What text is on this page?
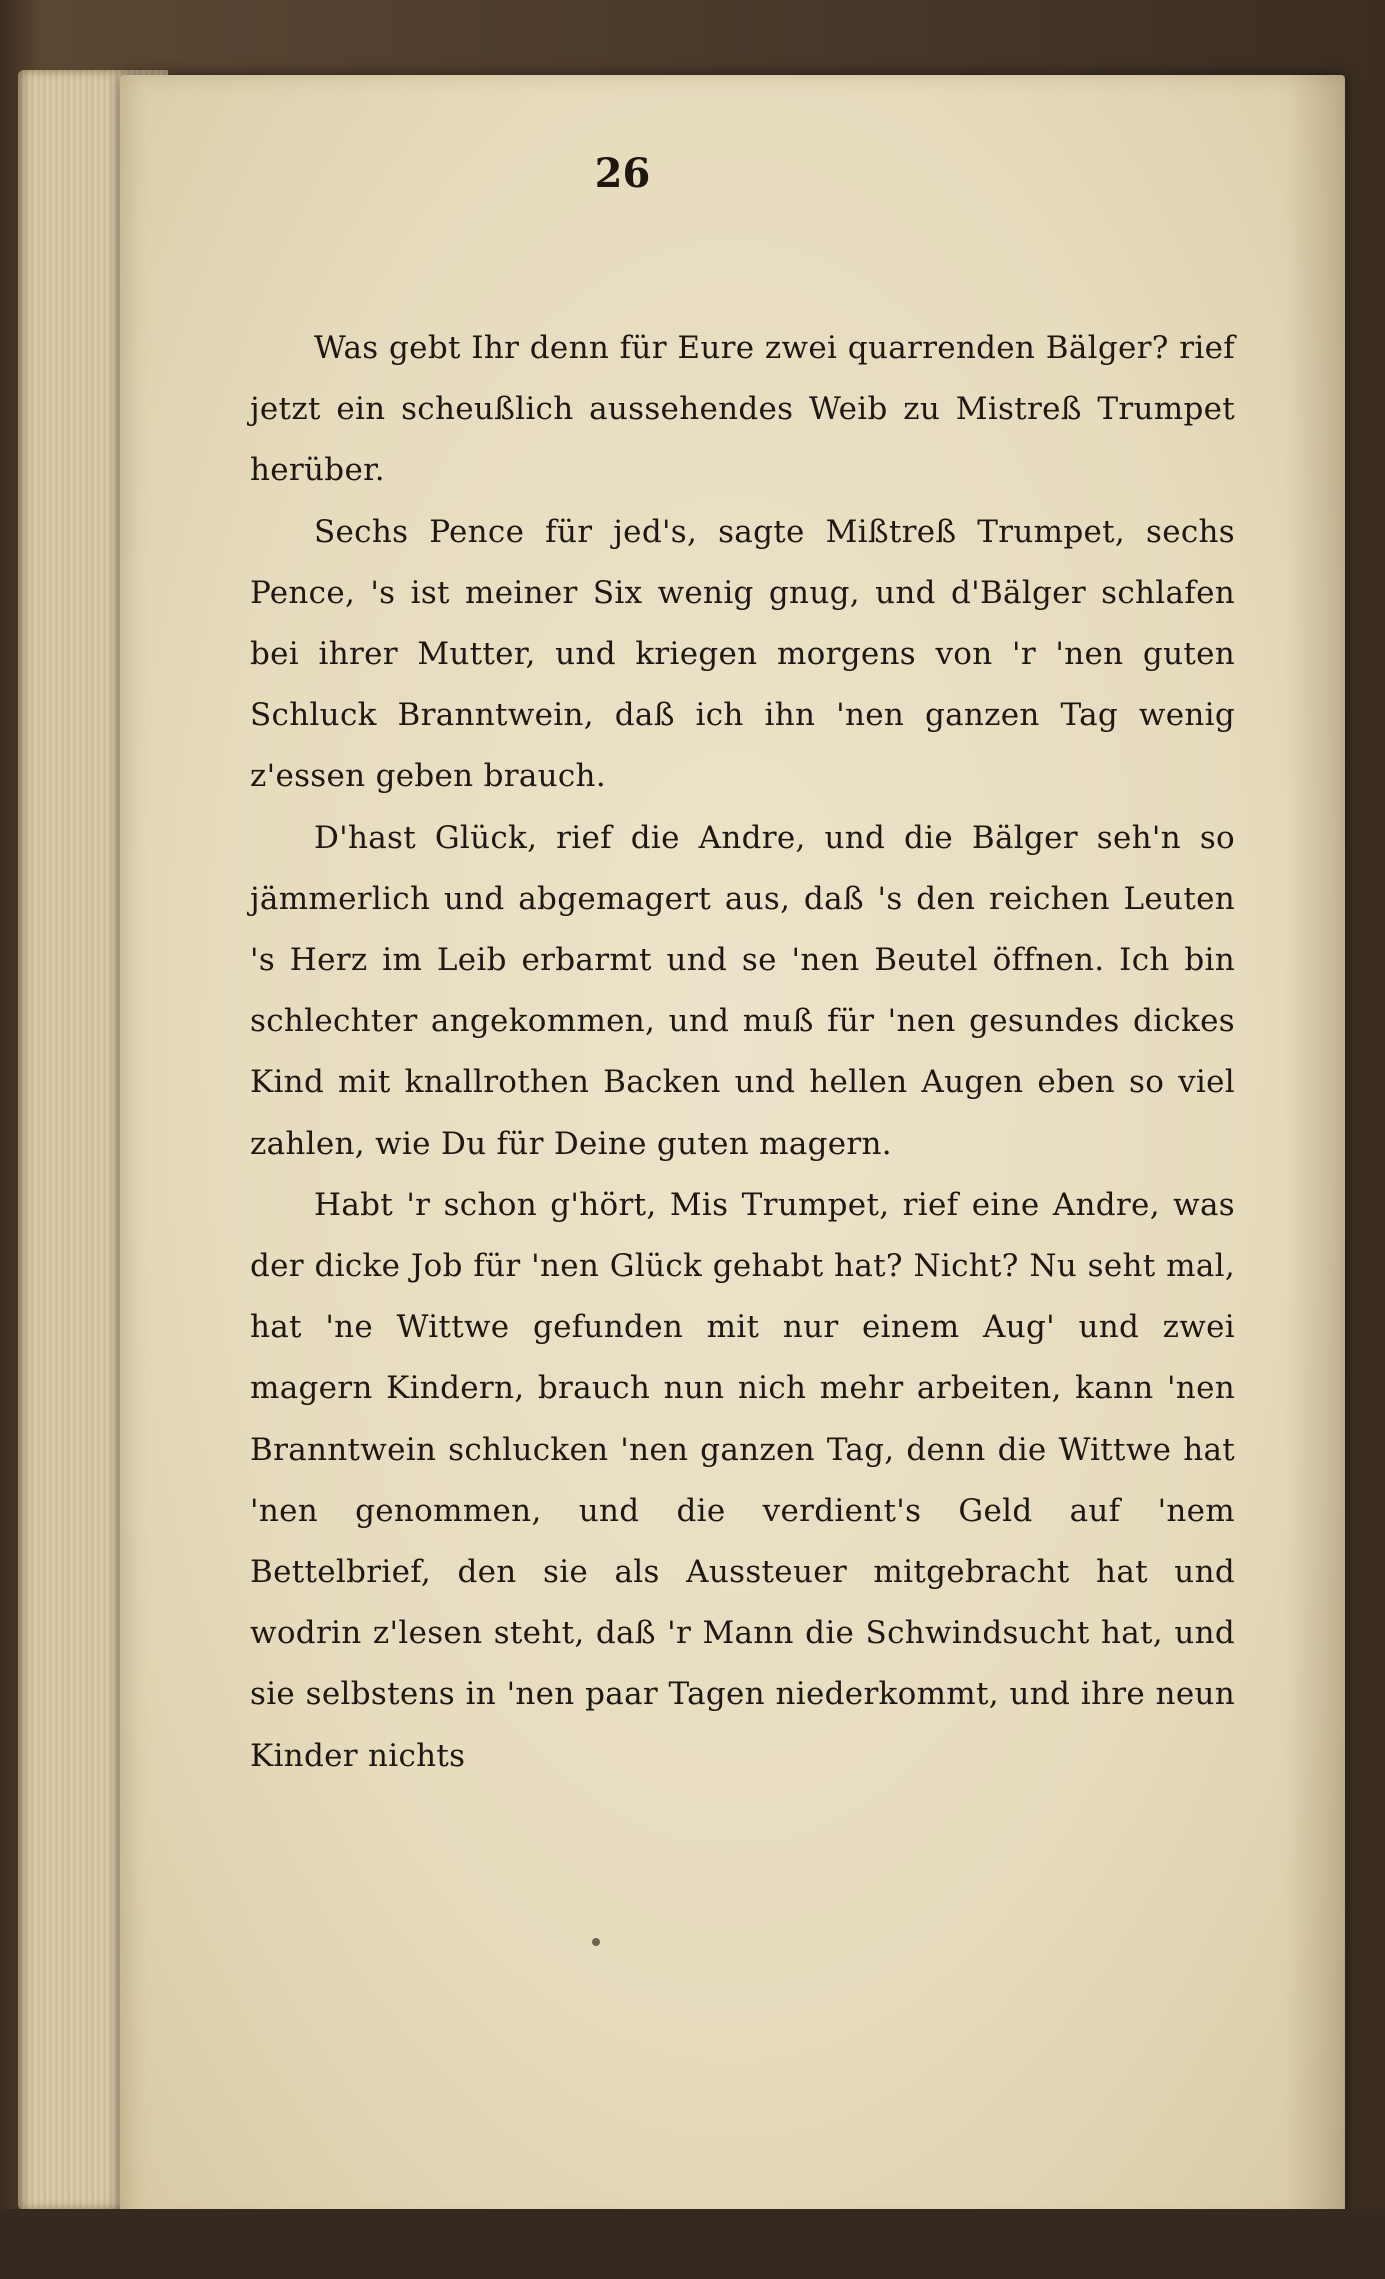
26

Was gebt Ihr denn für Eure zwei quarrenden Bälger? rief jetzt ein scheußlich aussehendes Weib zu Mistreß Trumpet herüber.

Sechs Pence für jed's, sagte Mißtreß Trumpet, sechs Pence, 's ist meiner Six wenig gnug, und d'Bälger schlafen bei ihrer Mutter, und kriegen morgens von 'r 'nen guten Schluck Branntwein, daß ich ihn 'nen ganzen Tag wenig z'essen geben brauch.

D'hast Glück, rief die Andre, und die Bälger seh'n so jämmerlich und abgemagert aus, daß 's den reichen Leuten 's Herz im Leib erbarmt und se 'nen Beutel öffnen. Ich bin schlechter angekommen, und muß für 'nen gesundes dickes Kind mit knallrothen Backen und hellen Augen eben so viel zahlen, wie Du für Deine guten magern.

Habt 'r schon g'hört, Mis Trumpet, rief eine Andre, was der dicke Job für 'nen Glück gehabt hat? Nicht? Nu seht mal, hat 'ne Wittwe gefunden mit nur einem Aug' und zwei magern Kindern, brauch nun nich mehr arbeiten, kann 'nen Branntwein schlucken 'nen ganzen Tag, denn die Wittwe hat 'nen genommen, und die verdient's Geld auf 'nem Bettelbrief, den sie als Aussteuer mitgebracht hat und wodrin z'lesen steht, daß 'r Mann die Schwindsucht hat, und sie selbstens in 'nen paar Tagen niederkommt, und ihre neun Kinder nichts
